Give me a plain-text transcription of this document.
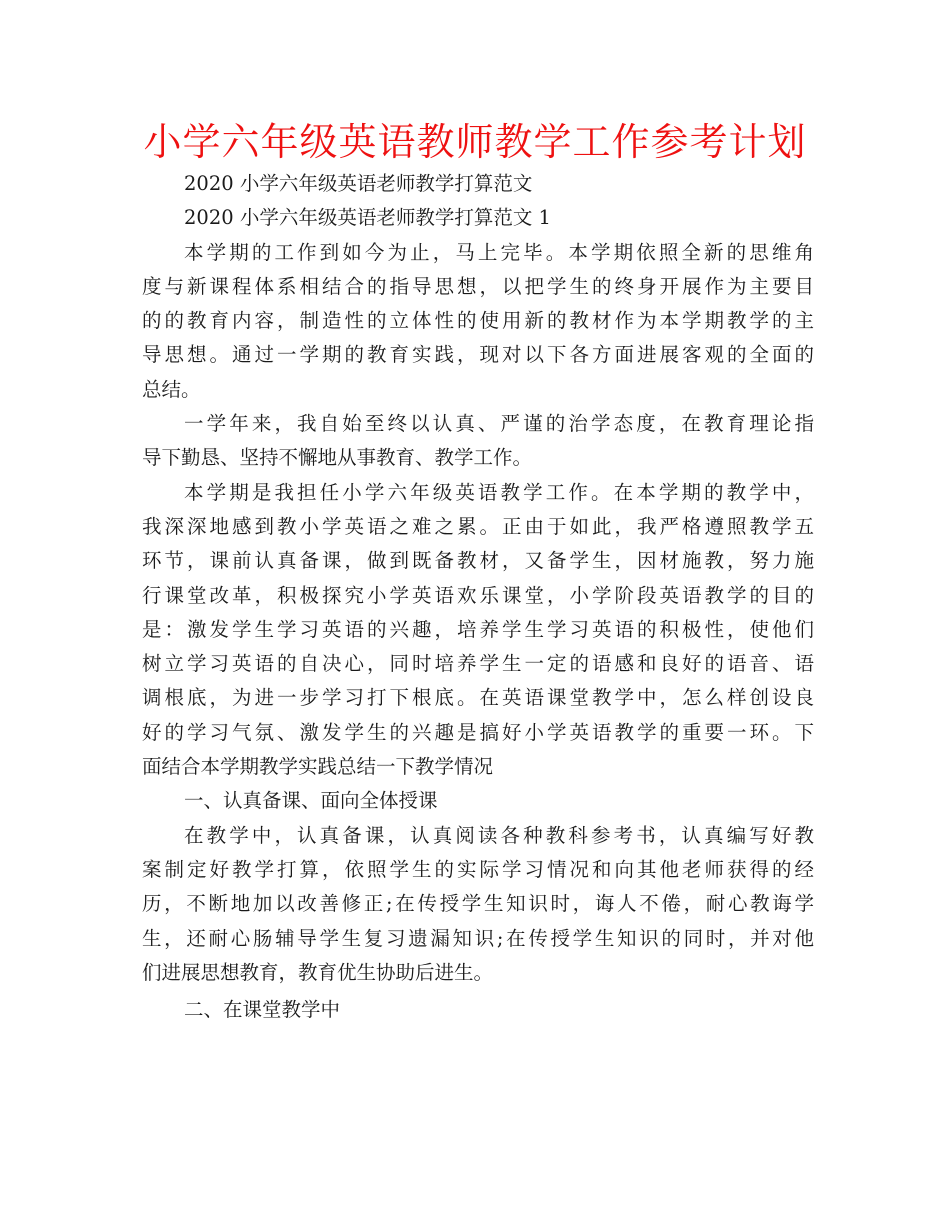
小学六年级英语教师教学工作参考计划

2020 小学六年级英语老师教学打算范文

2020 小学六年级英语老师教学打算范文 1

本学期的工作到如今为止，马上完毕。本学期依照全新的思维角

度与新课程体系相结合的指导思想，以把学生的终身开展作为主要目

的的教育内容，制造性的立体性的使用新的教材作为本学期教学的主

导思想。通过一学期的教育实践，现对以下各方面进展客观的全面的

总结。

一学年来，我自始至终以认真、严谨的治学态度，在教育理论指

导下勤恳、坚持不懈地从事教育、教学工作。

本学期是我担任小学六年级英语教学工作。在本学期的教学中，

我深深地感到教小学英语之难之累。正由于如此，我严格遵照教学五

环节，课前认真备课，做到既备教材，又备学生，因材施教，努力施

行课堂改革，积极探究小学英语欢乐课堂，小学阶段英语教学的目的

是：激发学生学习英语的兴趣，培养学生学习英语的积极性，使他们

树立学习英语的自决心，同时培养学生一定的语感和良好的语音、语

调根底，为进一步学习打下根底。在英语课堂教学中，怎么样创设良

好的学习气氛、激发学生的兴趣是搞好小学英语教学的重要一环。下

面结合本学期教学实践总结一下教学情况

一、认真备课、面向全体授课

在教学中，认真备课，认真阅读各种教科参考书，认真编写好教

案制定好教学打算，依照学生的实际学习情况和向其他老师获得的经

历，不断地加以改善修正;在传授学生知识时，诲人不倦，耐心教诲学

生，还耐心肠辅导学生复习遗漏知识;在传授学生知识的同时，并对他

们进展思想教育，教育优生协助后进生。

二、在课堂教学中
